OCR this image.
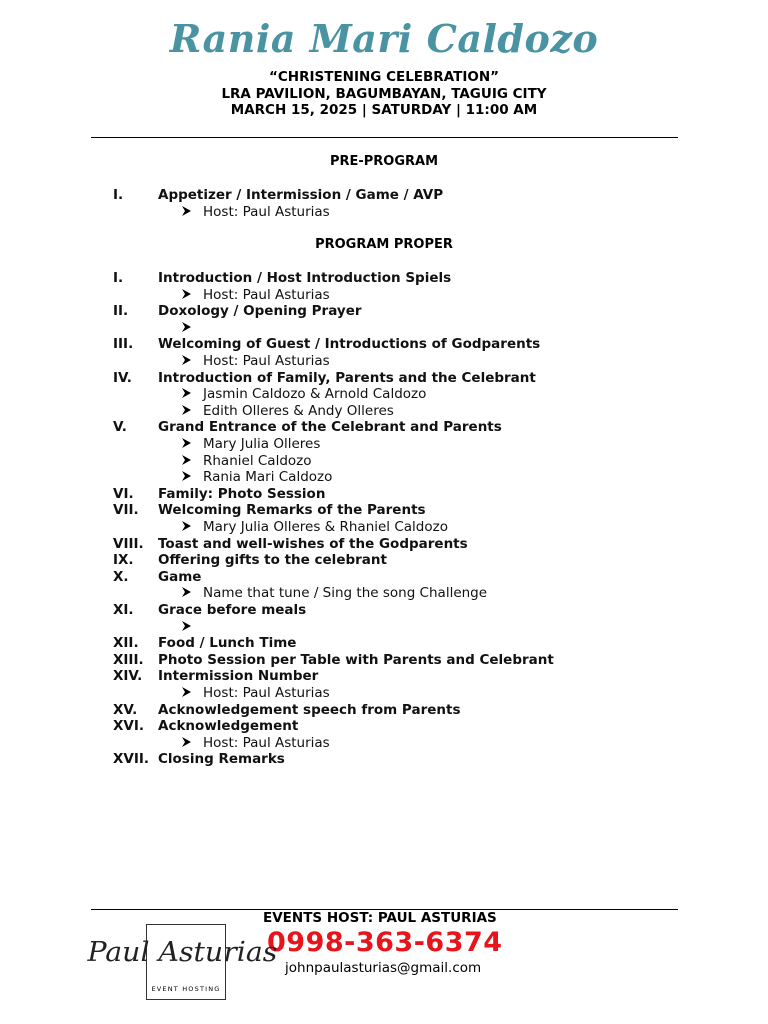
Rania Mari Caldozo
“CHRISTENING CELEBRATION”
LRA PAVILION, BAGUMBAYAN, TAGUIG CITY
MARCH 15, 2025 | SATURDAY | 11:00 AM
PRE-PROGRAM
I.	Appetizer / Intermission / Game / AVP
Host: Paul Asturias
PROGRAM PROPER
I.	Introduction / Host Introduction Spiels
Host: Paul Asturias
II. Doxology / Opening Prayer
III. Welcoming of Guest / Introductions of Godparents
Host: Paul Asturias
IV. Introduction of Family, Parents and the Celebrant
Jasmin Caldozo & Arnold Caldozo
Edith Olleres & Andy Olleres
V. Grand Entrance of the Celebrant and Parents
Mary Julia Olleres
Rhaniel Caldozo
Rania Mari Caldozo
VI. Family: Photo Session
VII. Welcoming Remarks of the Parents
Mary Julia Olleres & Rhaniel Caldozo
VIII. Toast and well-wishes of the Godparents
IX. Offering gifts to the celebrant
X. Game
Name that tune / Sing the song Challenge
XI. Grace before meals
XII. Food / Lunch Time
XIII. Photo Session per Table with Parents and Celebrant
XIV. Intermission Number
Host: Paul Asturias
XV. Acknowledgement speech from Parents
XVI. Acknowledgement
Host: Paul Asturias
XVII. Closing Remarks
EVENTS HOST: PAUL ASTURIAS
0998-363-6374
johnpaulasturias@gmail.com
Paul Asturias
EVENT HOSTING
